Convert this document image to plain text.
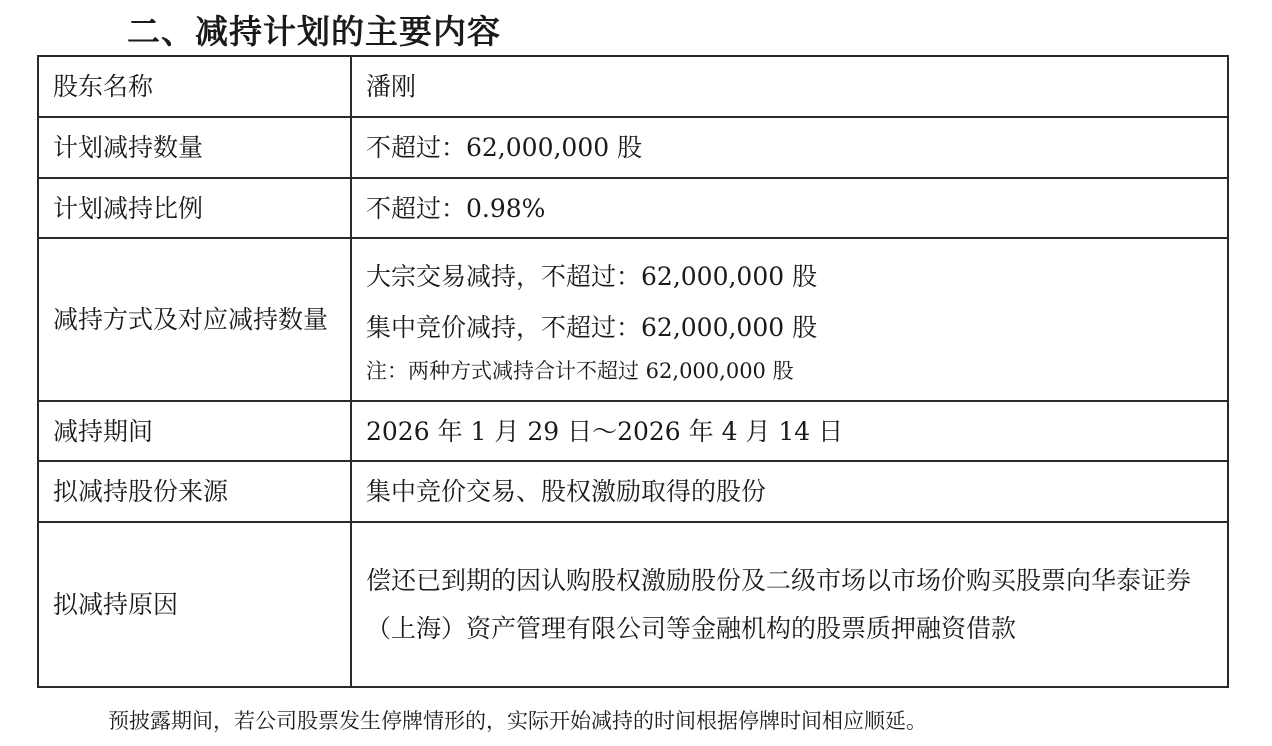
二、减持计划的主要内容
股东名称	潘刚
计划减持数量	不超过：62,000,000 股
计划减持比例	不超过：0.98%
减持方式及对应减持数量	大宗交易减持，不超过：62,000,000 股
集中竞价减持，不超过：62,000,000 股
注：两种方式减持合计不超过 62,000,000 股

减持期间	2026 年 1 月 29 日～2026 年 4 月 14 日
拟减持股份来源	集中竞价交易、股权激励取得的股份
拟减持原因	偿还已到期的因认购股权激励股份及二级市场以市场价购买股票向华泰证券（上海）资产管理有限公司等金融机构的股票质押融资借款
预披露期间，若公司股票发生停牌情形的，实际开始减持的时间根据停牌时间相应顺延。
